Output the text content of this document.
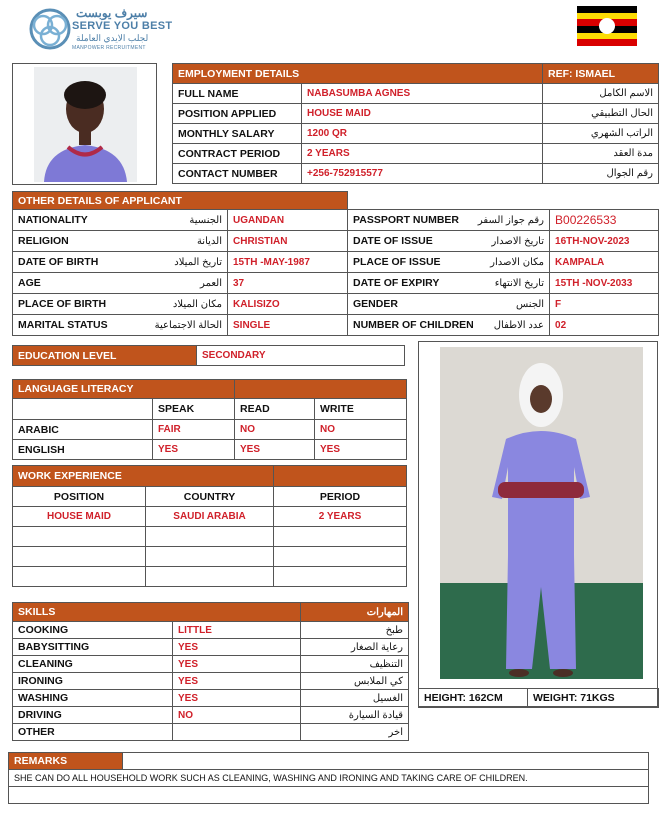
سيرف يوبست
SERVE YOU BEST
لجلب الايدي العاملة
MANPOWER RECRUITMENT
EMPLOYMENT DETAILS		REF: ISMAEL
FULL NAME	NABASUMBA AGNES	الاسم الكامل
POSITION APPLIED	HOUSE MAID	الحال التطبيقي
MONTHLY SALARY	1200 QR	الراتب الشهري
CONTRACT PERIOD	2 YEARS	مدة العقد
CONTACT NUMBER	+256-752915577	رقم الجوال
OTHER DETAILS OF APPLICANT			

NATIONALITY الجنسية	UGANDAN	PASSPORT NUMBER رقم جواز السفر	B00226533

RELIGION الديانة	CHRISTIAN	DATE OF ISSUE تاريخ الاصدار	16TH-NOV-2023

DATE OF BIRTH تاريخ الميلاد	15TH -MAY-1987	PLACE OF ISSUE مكان الاصدار	KAMPALA

AGE العمر	37	DATE OF EXPIRY تاريخ الانتهاء	15TH -NOV-2033

PLACE OF BIRTH مكان الميلاد	KALISIZO	GENDER الجنس	F

MARITAL STATUS الحالة الاجتماعية	SINGLE	NUMBER OF CHILDREN عدد الاطفال	02
EDUCATION LEVEL	SECONDARY
LANGUAGE LITERACY			
	SPEAK	READ	WRITE
ARABIC	FAIR	NO	NO
ENGLISH	YES	YES	YES
WORK EXPERIENCE		
POSITION	COUNTRY	PERIOD
HOUSE MAID	SAUDI ARABIA	2 YEARS

SKILLS		المهارات
COOKING	LITTLE	طبخ
BABYSITTING	YES	رعاية الصغار
CLEANING	YES	التنظيف
IRONING	YES	كي الملابس
WASHING	YES	الغسيل
DRIVING	NO	قيادة السيارة
OTHER		اخر
HEIGHT: 162CM	WEIGHT: 71KGS
REMARKS	
SHE CAN DO ALL HOUSEHOLD WORK SUCH AS CLEANING, WASHING AND IRONING AND TAKING CARE OF CHILDREN.
